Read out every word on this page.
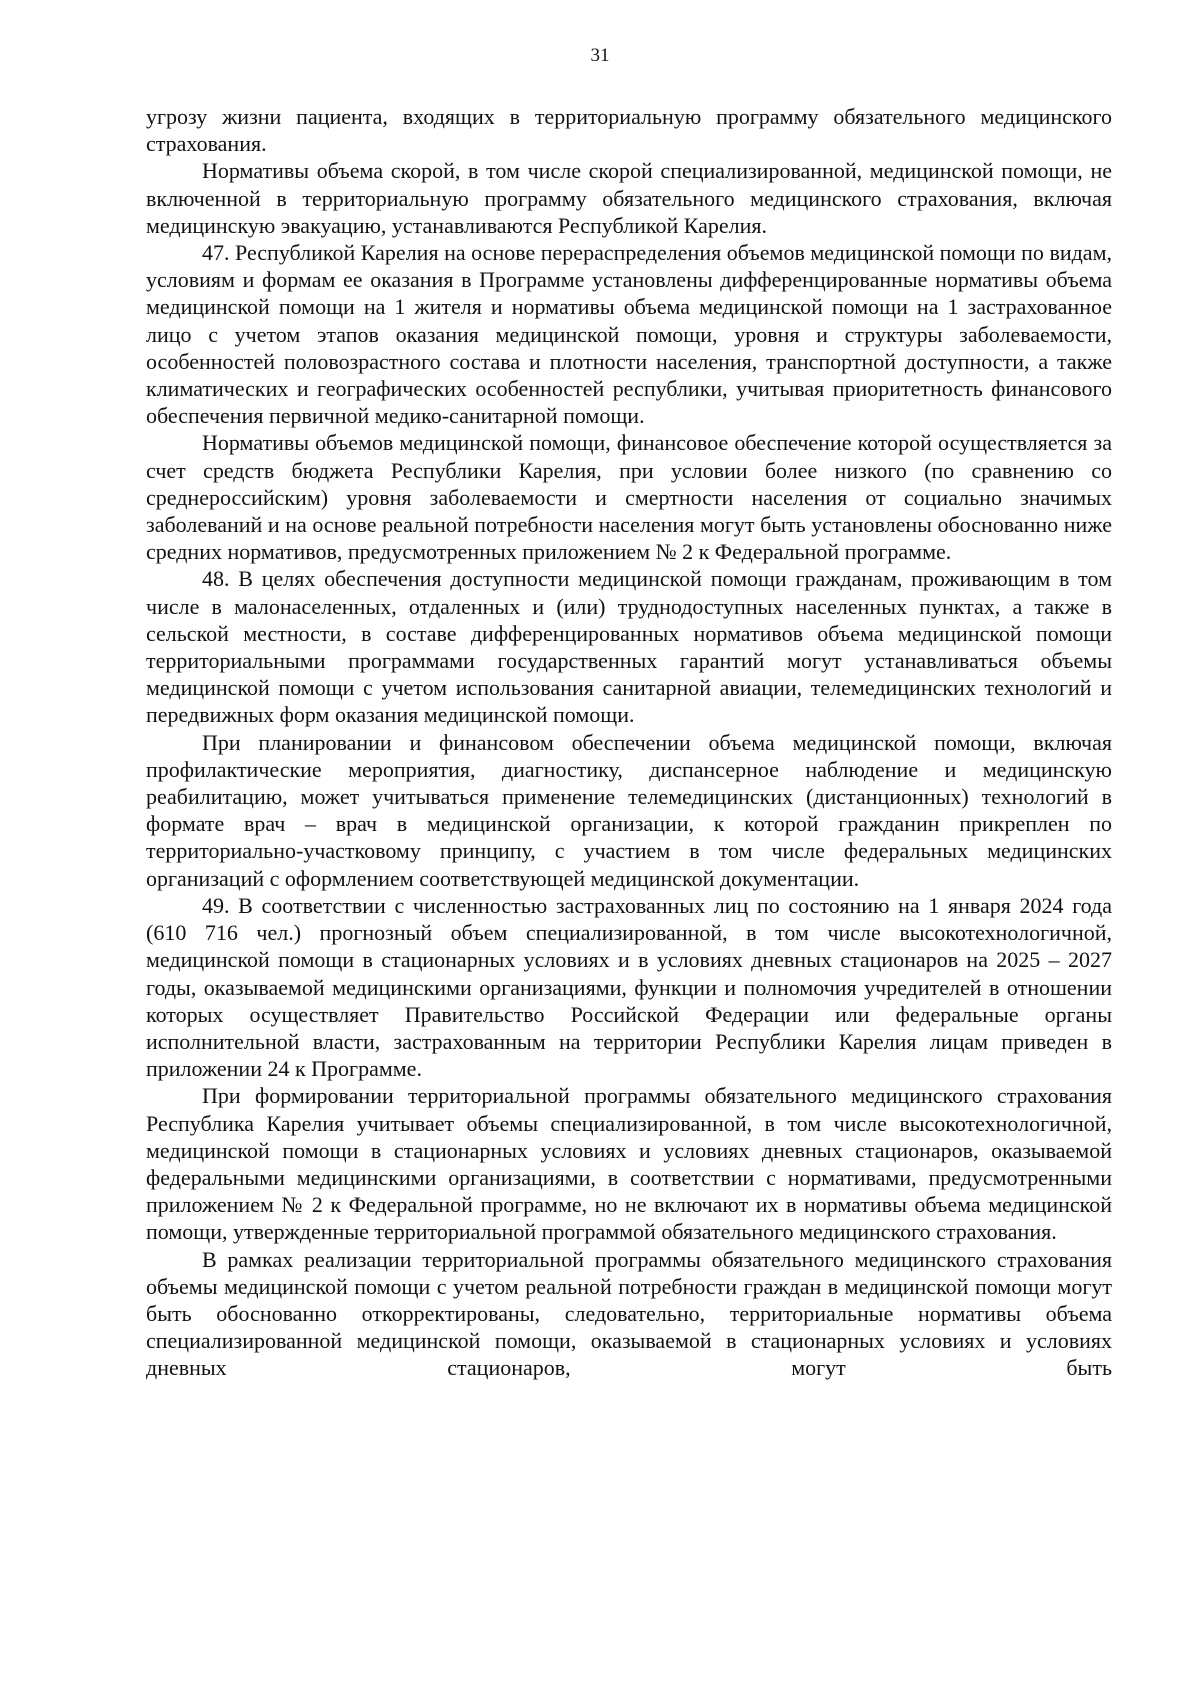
31

угрозу жизни пациента, входящих в территориальную программу обязательного медицинского страхования.

Нормативы объема скорой, в том числе скорой специализированной, медицинской помощи, не включенной в территориальную программу обязательного медицинского страхования, включая медицинскую эвакуацию, устанавливаются Республикой Карелия.

47. Республикой Карелия на основе перераспределения объемов медицинской помощи по видам, условиям и формам ее оказания в Программе установлены дифференцированные нормативы объема медицинской помощи на 1 жителя и нормативы объема медицинской помощи на 1 застрахованное лицо с учетом этапов оказания медицинской помощи, уровня и структуры заболеваемости, особенностей половозрастного состава и плотности населения, транспортной доступности, а также климатических и географических особенностей республики, учитывая приоритетность финансового обеспечения первичной медико-санитарной помощи.

Нормативы объемов медицинской помощи, финансовое обеспечение которой осуществляется за счет средств бюджета Республики Карелия, при условии более низкого (по сравнению со среднероссийским) уровня заболеваемости и смертности населения от социально значимых заболеваний и на основе реальной потребности населения могут быть установлены обоснованно ниже средних нормативов, предусмотренных приложением № 2 к Федеральной программе.

48. В целях обеспечения доступности медицинской помощи гражданам, проживающим в том числе в малонаселенных, отдаленных и (или) труднодоступных населенных пунктах, а также в сельской местности, в составе дифференцированных нормативов объема медицинской помощи территориальными программами государственных гарантий могут устанавливаться объемы медицинской помощи с учетом использования санитарной авиации, телемедицинских технологий и передвижных форм оказания медицинской помощи.

При планировании и финансовом обеспечении объема медицинской помощи, включая профилактические мероприятия, диагностику, диспансерное наблюдение и медицинскую реабилитацию, может учитываться применение телемедицинских (дистанционных) технологий в формате врач – врач в медицинской организации, к которой гражданин прикреплен по территориально-участковому принципу, с участием в том числе федеральных медицинских организаций с оформлением соответствующей медицинской документации.

49. В соответствии с численностью застрахованных лиц по состоянию на 1 января 2024 года (610 716 чел.) прогнозный объем специализированной, в том числе высокотехнологичной, медицинской помощи в стационарных условиях и в условиях дневных стационаров на 2025 – 2027 годы, оказываемой медицинскими организациями, функции и полномочия учредителей в отношении которых осуществляет Правительство Российской Федерации или федеральные органы исполнительной власти, застрахованным на территории Республики Карелия лицам приведен в приложении 24 к Программе.

При формировании территориальной программы обязательного медицинского страхования Республика Карелия учитывает объемы специализированной, в том числе высокотехнологичной, медицинской помощи в стационарных условиях и условиях дневных стационаров, оказываемой федеральными медицинскими организациями, в соответствии с нормативами, предусмотренными приложением № 2 к Федеральной программе, но не включают их в нормативы объема медицинской помощи, утвержденные территориальной программой обязательного медицинского страхования.

В рамках реализации территориальной программы обязательного медицинского страхования объемы медицинской помощи с учетом реальной потребности граждан в медицинской помощи могут быть обоснованно откорректированы, следовательно, территориальные нормативы объема специализированной медицинской помощи, оказываемой в стационарных условиях и условиях дневных стационаров, могут быть
